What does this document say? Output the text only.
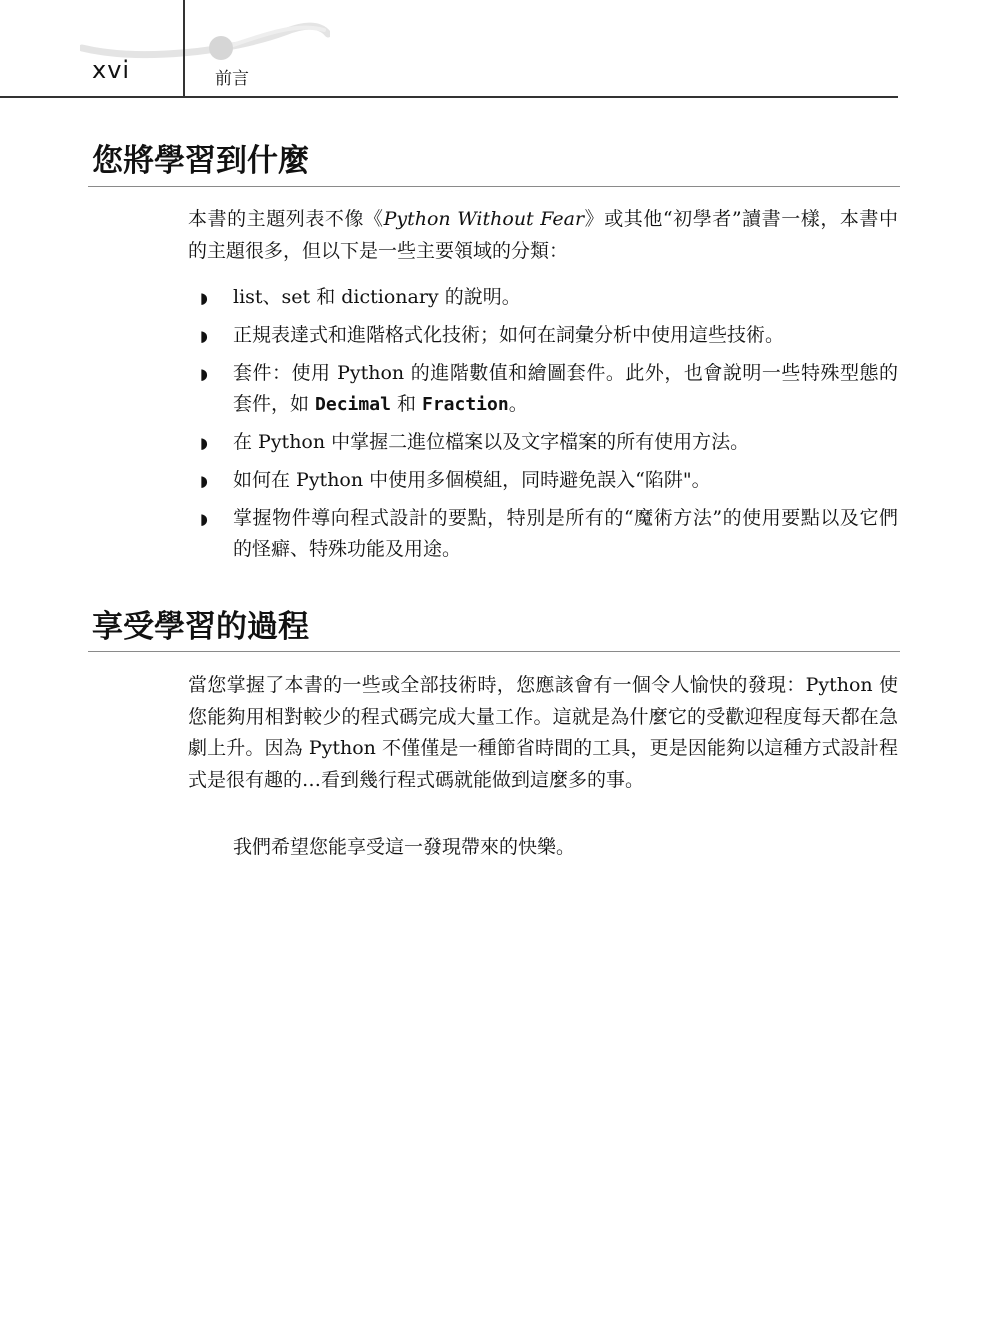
xvi	前言
您將學習到什麼

本書的主題列表不像《Python Without Fear》或其他“初學者”讀書一樣，本書中的主題很多，但以下是一些主要領域的分類：

◗ list、set 和 dictionary 的說明。
◗ 正規表達式和進階格式化技術；如何在詞彙分析中使用這些技術。
◗ 套件：使用 Python 的進階數值和繪圖套件。此外，也會說明一些特殊型態的套件，如 Decimal 和 Fraction。
◗ 在 Python 中掌握二進位檔案以及文字檔案的所有使用方法。
◗ 如何在 Python 中使用多個模組，同時避免誤入“陷阱"。
◗ 掌握物件導向程式設計的要點，特別是所有的“魔術方法”的使用要點以及它們的怪癖、特殊功能及用途。
享受學習的過程

當您掌握了本書的一些或全部技術時，您應該會有一個令人愉快的發現：Python 使您能夠用相對較少的程式碼完成大量工作。這就是為什麼它的受歡迎程度每天都在急劇上升。因為 Python 不僅僅是一種節省時間的工具，更是因能夠以這種方式設計程式是很有趣的…看到幾行程式碼就能做到這麼多的事。

我們希望您能享受這一發現帶來的快樂。
